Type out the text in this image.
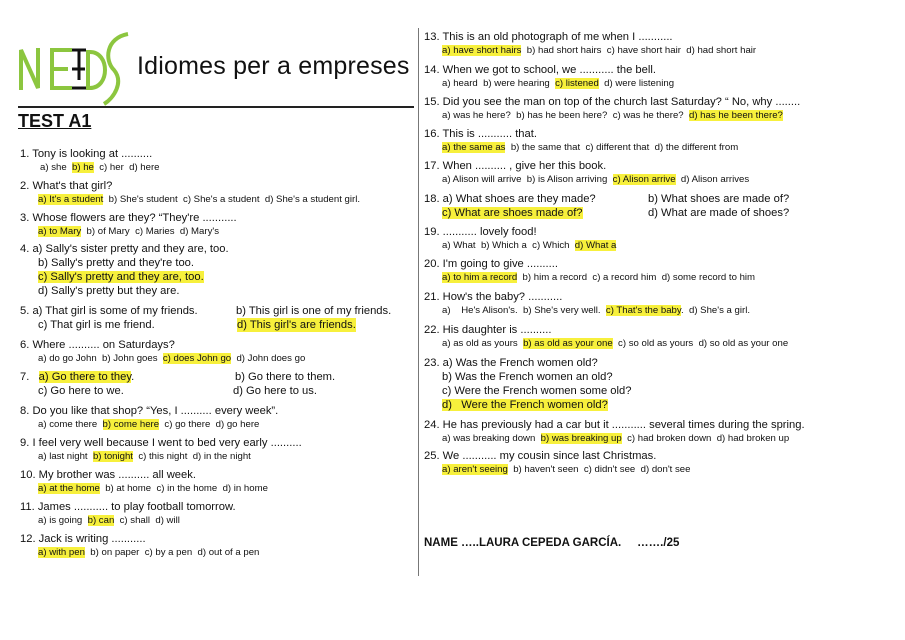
Idiomes per a empreses
TEST A1
1. Tony is looking at ..........
a) she b) he c) her d) here
2. What's that girl?
a) It's a student b) She's student c) She's a student d) She's a student girl.
3. Whose flowers are they? “They're ...........
a) to Mary b) of Mary c) Maries d) Mary's
4. a) Sally's sister pretty and they are, too.
b) Sally's pretty and they're too.
c) Sally's pretty and they are, too.
d) Sally's pretty but they are.
5. a) That girl is some of my friends.	b) This girl is one of my friends.
c) That girl is me friend.	d) This girl's are friends.
6. Where .......... on Saturdays?
a) do go John b) John goes c) does John go d) John does go
7. a) Go there to they.	b) Go there to them.
c) Go here to we.	d) Go here to us.
8. Do you like that shop? “Yes, I .......... every week”.
a) come there b) come here c) go there d) go here
9. I feel very well because I went to bed very early ..........
a) last night b) tonight c) this night d) in the night
10. My brother was .......... all week.
a) at the home b) at home c) in the home d) in home
11. James ........... to play football tomorrow.
a) is going b) can c) shall d) will
12. Jack is writing ...........
a) with pen b) on paper c) by a pen d) out of a pen
13. This is an old photograph of me when I ...........
a) have short hairs b) had short hairs c) have short hair d) had short hair
14. When we got to school, we ........... the bell.
a) heard b) were hearing c) listened d) were listening
15. Did you see the man on top of the church last Saturday? “ No, why ........
a) was he here? b) has he been here? c) was he there? d) has he been there?
16. This is ........... that.
a) the same as b) the same that c) different that d) the different from
17. When .......... , give her this book.
a) Alison will arrive b) is Alison arriving c) Alison arrive d) Alison arrives
18. a) What shoes are they made?	b) What shoes are made of?
c) What are shoes made of?	d) What are made of shoes?
19. ........... lovely food!
a) What b) Which a c) Which d) What a
20. I'm going to give ..........
a) to him a record b) him a record c) a record him d) some record to him
21. How's the baby? ...........
a)    He's Alison's. b) She's very well. c) That's the baby. d) She's a girl.
22. His daughter is ..........
a) as old as yours b) as old as your one c) so old as yours d) so old as your one
23. a) Was the French women old?
b) Was the French women an old?
c) Were the French women some old?
d)   Were the French women old?
24. He has previously had a car but it ........... several times during the spring.
a) was breaking down b) was breaking up c) had broken down d) had broken up
25. We ........... my cousin since last Christmas.
a) aren't seeing b) haven't seen c) didn't see d) don't see
NAME …..LAURA CEPEDA GARCÍA.     ……./25
